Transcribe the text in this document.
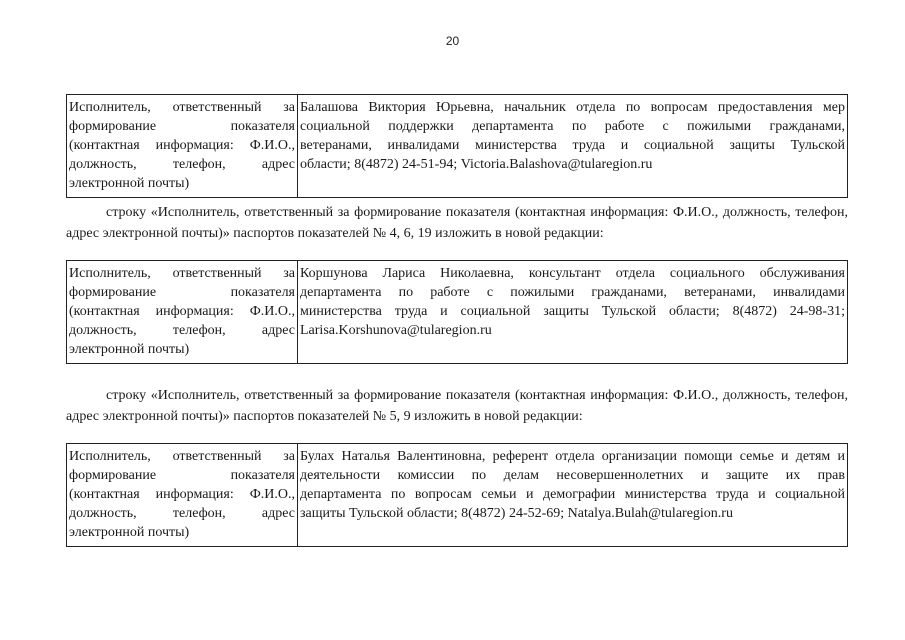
20
Исполнитель, ответственный за
формирование показателя
(контактная информация: Ф.И.О.,
должность, телефон, адрес
электронной почты)

Балашова Виктория Юрьевна, начальник отдела по вопросам предоставления мер
социальной поддержки департамента по работе с пожилыми гражданами,
ветеранами, инвалидами министерства труда и социальной защиты Тульской
области; 8(4872) 24-51-94; Victoria.Balashova@tularegion.ru
строку «Исполнитель, ответственный за формирование показателя (контактная информация: Ф.И.О., должность, телефон, адрес электронной почты)» паспортов показателей № 4, 6, 19 изложить в новой редакции:
Исполнитель, ответственный за
формирование показателя
(контактная информация: Ф.И.О.,
должность, телефон, адрес
электронной почты)

Коршунова Лариса Николаевна, консультант отдела социального обслуживания
департамента по работе с пожилыми гражданами, ветеранами, инвалидами
министерства труда и социальной защиты Тульской области; 8(4872) 24-98-31;
Larisa.Korshunova@tularegion.ru
строку «Исполнитель, ответственный за формирование показателя (контактная информация: Ф.И.О., должность, телефон, адрес электронной почты)» паспортов показателей № 5, 9 изложить в новой редакции:
Исполнитель, ответственный за
формирование показателя
(контактная информация: Ф.И.О.,
должность, телефон, адрес
электронной почты)

Булах Наталья Валентиновна, референт отдела организации помощи семье и детям и
деятельности комиссии по делам несовершеннолетних и защите их прав
департамента по вопросам семьи и демографии министерства труда и социальной
защиты Тульской области; 8(4872) 24-52-69; Natalya.Bulah@tularegion.ru
